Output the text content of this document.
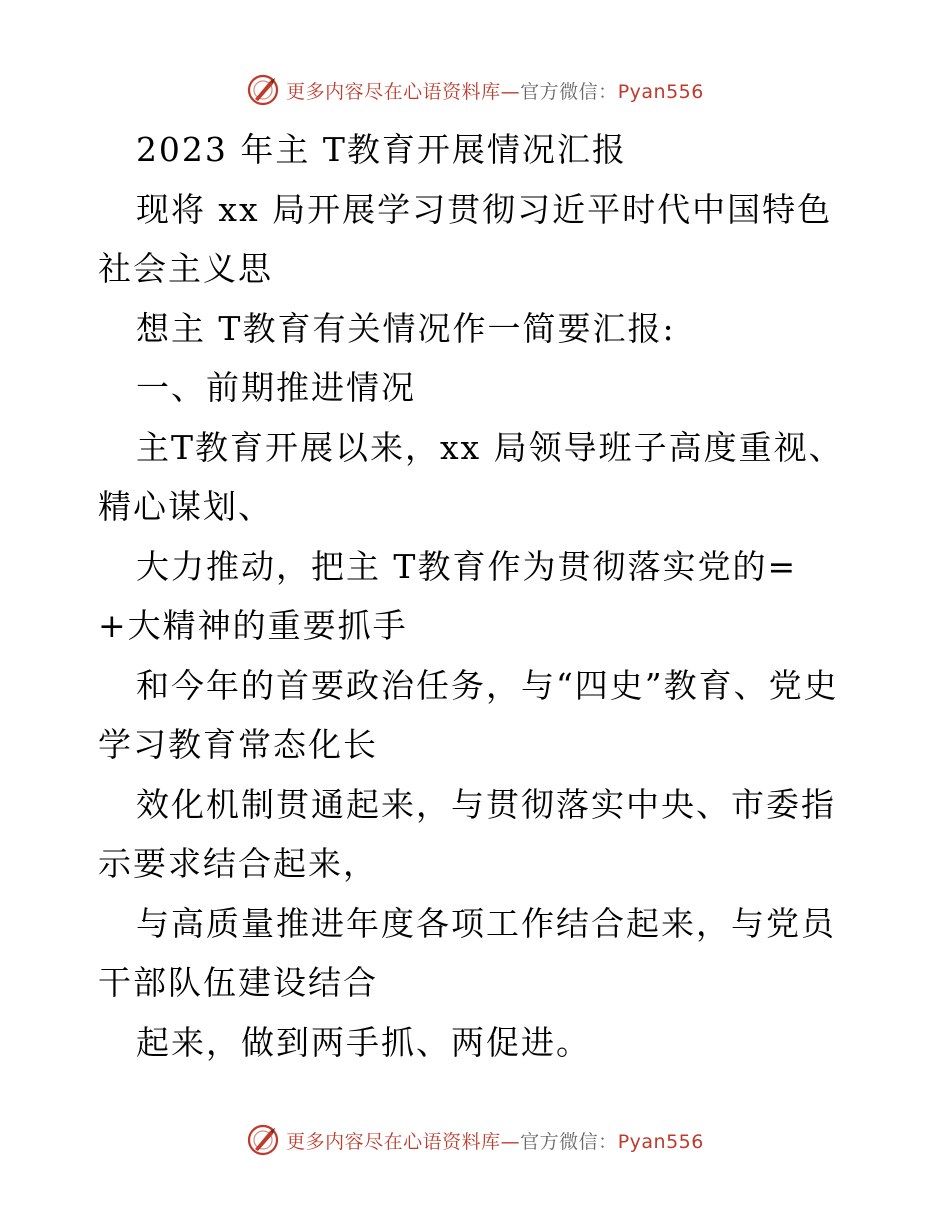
更多内容尽在心语资料库—官方微信：Pyan556

2023 年主 T教育开展情况汇报

现将 xx 局开展学习贯彻习近平时代中国特色社会主义思

想主 T教育有关情况作一简要汇报:

一、前期推进情况

主T教育开展以来，xx 局领导班子高度重视、精心谋划、

大力推动，把主 T教育作为贯彻落实党的=+大精神的重要抓手

和今年的首要政治任务，与“四史”教育、党史学习教育常态化长

效化机制贯通起来，与贯彻落实中央、市委指示要求结合起来，

与高质量推进年度各项工作结合起来，与党员干部队伍建设结合

起来，做到两手抓、两促进。

更多内容尽在心语资料库—官方微信：Pyan556
